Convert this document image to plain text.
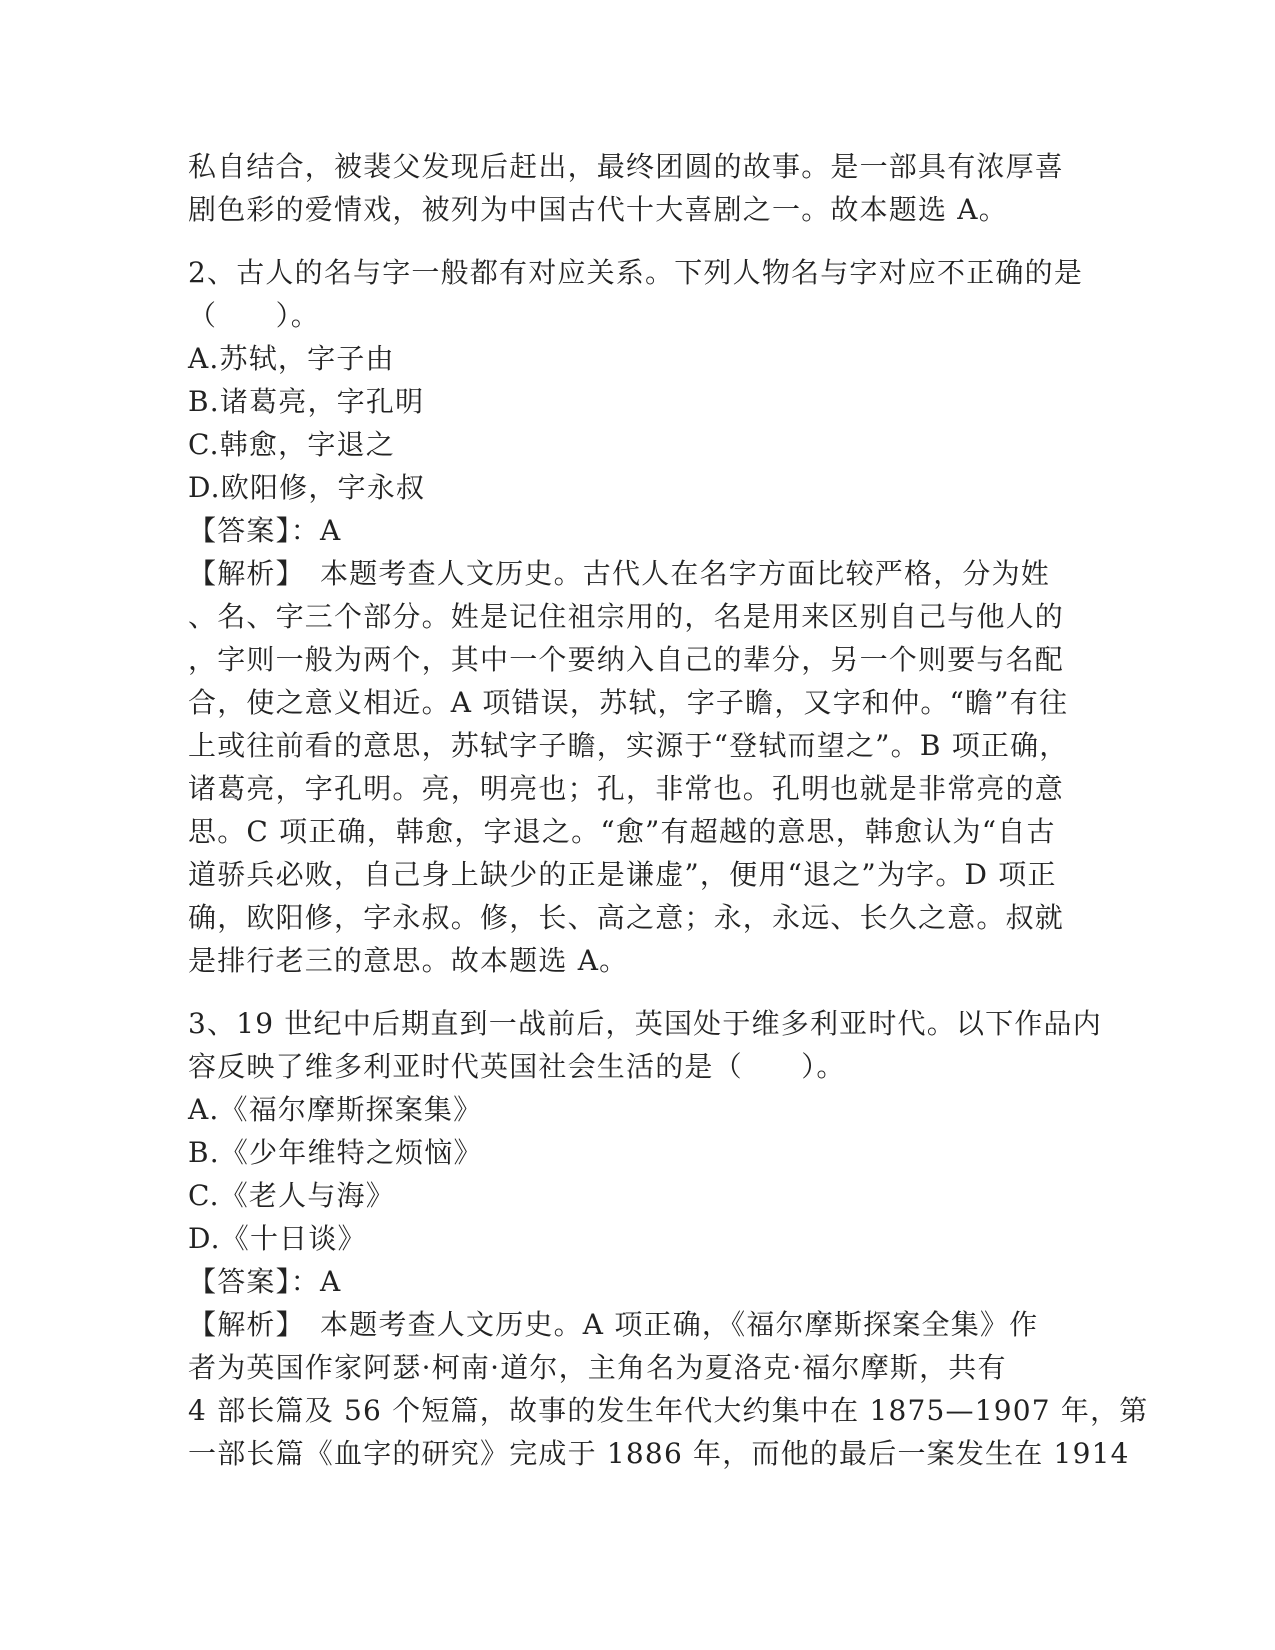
私自结合，被裴父发现后赶出，最终团圆的故事。是一部具有浓厚喜
剧色彩的爱情戏，被列为中国古代十大喜剧之一。故本题选 A。
2、古人的名与字一般都有对应关系。下列人物名与字对应不正确的是
（　　）。
A.苏轼，字子由
B.诸葛亮，字孔明
C.韩愈，字退之
D.欧阳修，字永叔
【答案】：A
【解析】　本题考查人文历史。古代人在名字方面比较严格，分为姓
、名、字三个部分。姓是记住祖宗用的，名是用来区别自己与他人的
，字则一般为两个，其中一个要纳入自己的辈分，另一个则要与名配
合，使之意义相近。A 项错误，苏轼，字子瞻，又字和仲。“瞻”有往
上或往前看的意思，苏轼字子瞻，实源于“登轼而望之”。B 项正确，
诸葛亮，字孔明。亮，明亮也；孔，非常也。孔明也就是非常亮的意
思。C 项正确，韩愈，字退之。“愈”有超越的意思，韩愈认为“自古
道骄兵必败，自己身上缺少的正是谦虚”，便用“退之”为字。D 项正
确，欧阳修，字永叔。修，长、高之意；永，永远、长久之意。叔就
是排行老三的意思。故本题选 A。
3、19 世纪中后期直到一战前后，英国处于维多利亚时代。以下作品内
容反映了维多利亚时代英国社会生活的是（　　）。
A.《福尔摩斯探案集》
B.《少年维特之烦恼》
C.《老人与海》
D.《十日谈》
【答案】：A
【解析】　本题考查人文历史。A 项正确，《福尔摩斯探案全集》作
者为英国作家阿瑟·柯南·道尔，主角名为夏洛克·福尔摩斯，共有
4 部长篇及 56 个短篇，故事的发生年代大约集中在 1875—1907 年，第
一部长篇《血字的研究》完成于 1886 年，而他的最后一案发生在 1914
